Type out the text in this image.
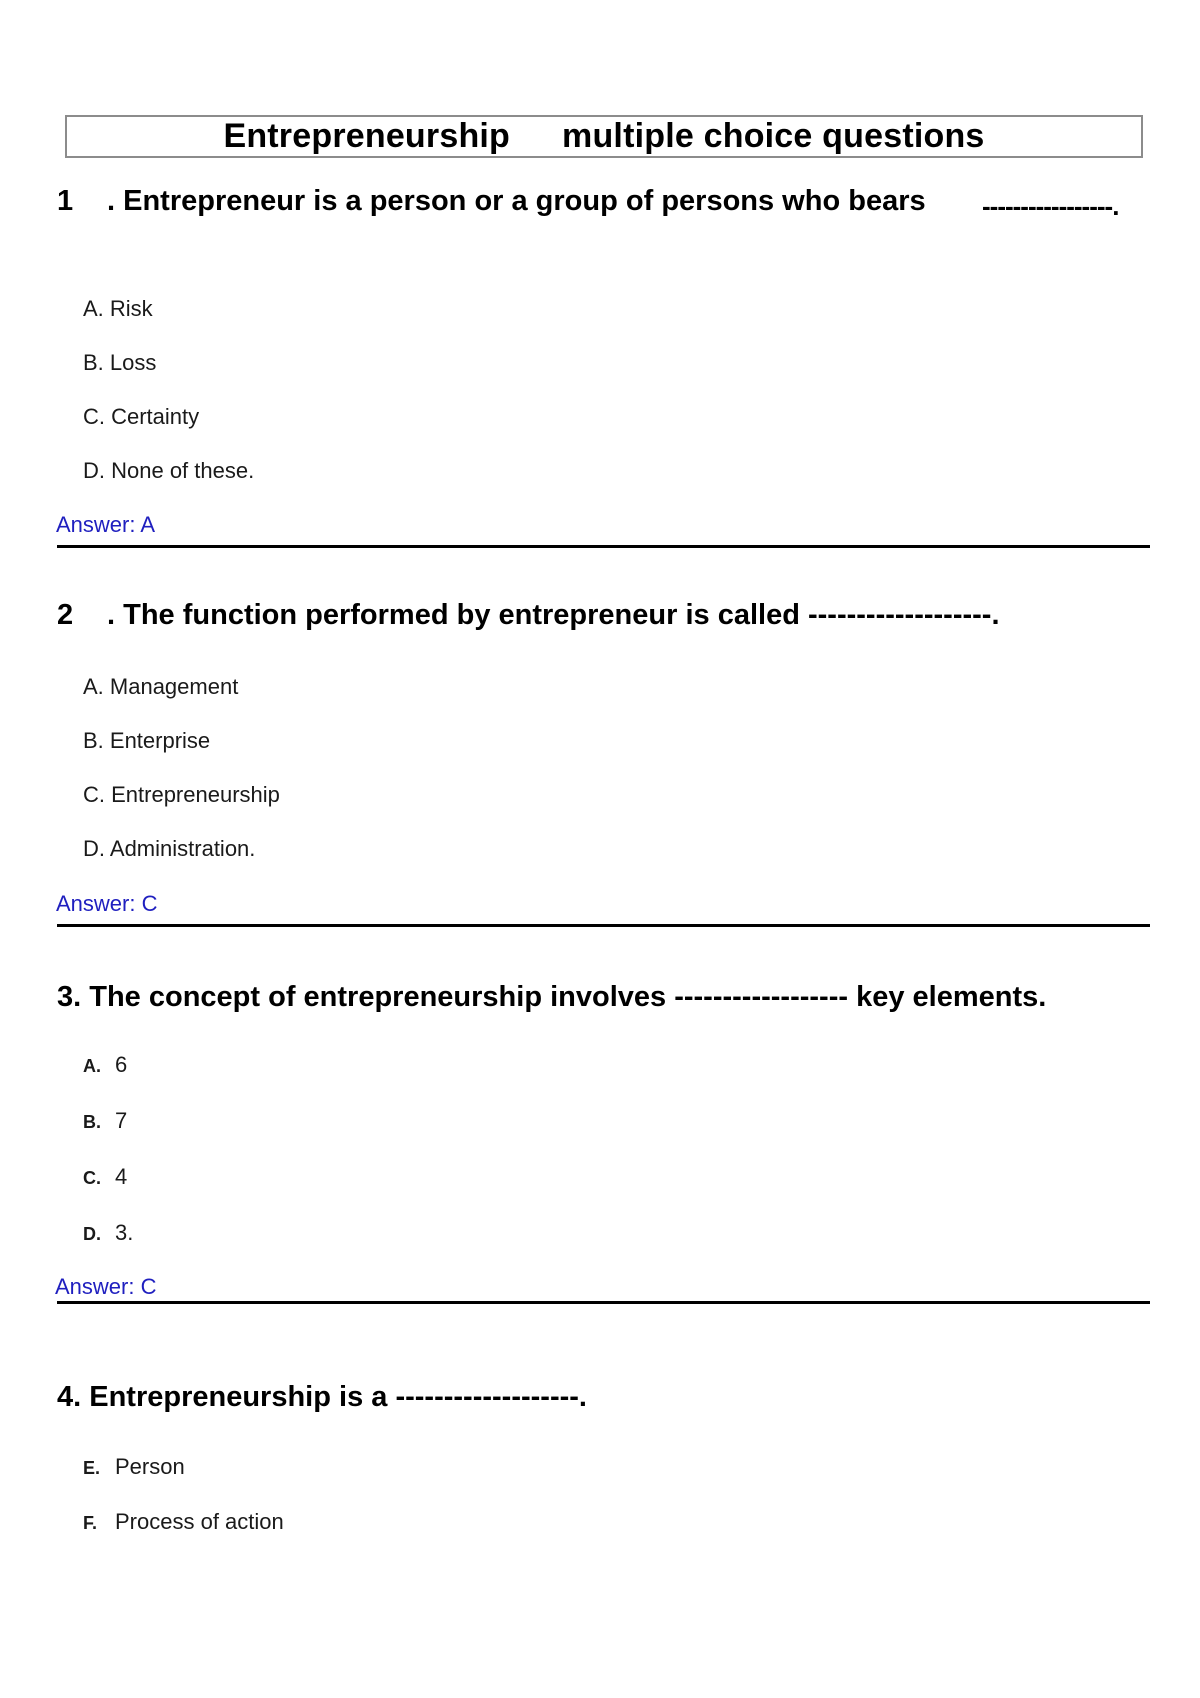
Entrepreneurship multiple choice questions
1 . Entrepreneur is a person or a group of persons who bears -----------------.
A. Risk
B. Loss
C. Certainty
D. None of these.
Answer: A
2 . The function performed by entrepreneur is called -------------------.
A. Management
B. Enterprise
C. Entrepreneurship
D. Administration.
Answer: C
3. The concept of entrepreneurship involves ------------------ key elements.
A. 6
B. 7
C. 4
D. 3.
Answer: C
4. Entrepreneurship is a -------------------.
E. Person
F. Process of action
